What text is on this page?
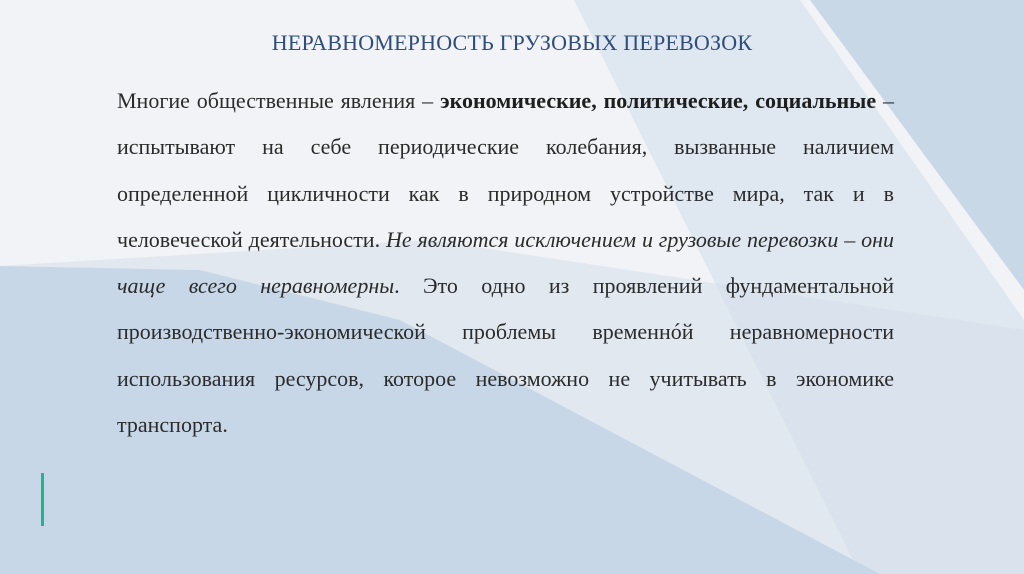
НЕРАВНОМЕРНОСТЬ ГРУЗОВЫХ ПЕРЕВОЗОК

Многие общественные явления – экономические, политические, социальные – испытывают на себе периодические колебания, вызванные наличием определенной цикличности как в природном устройстве мира, так и в человеческой деятельности. Не являются исключением и грузовые перевозки – они чаще всего неравномерны. Это одно из проявлений фундаментальной производственно-экономической проблемы временнóй неравномерности использования ресурсов, которое невозможно не учитывать в экономике транспорта.
